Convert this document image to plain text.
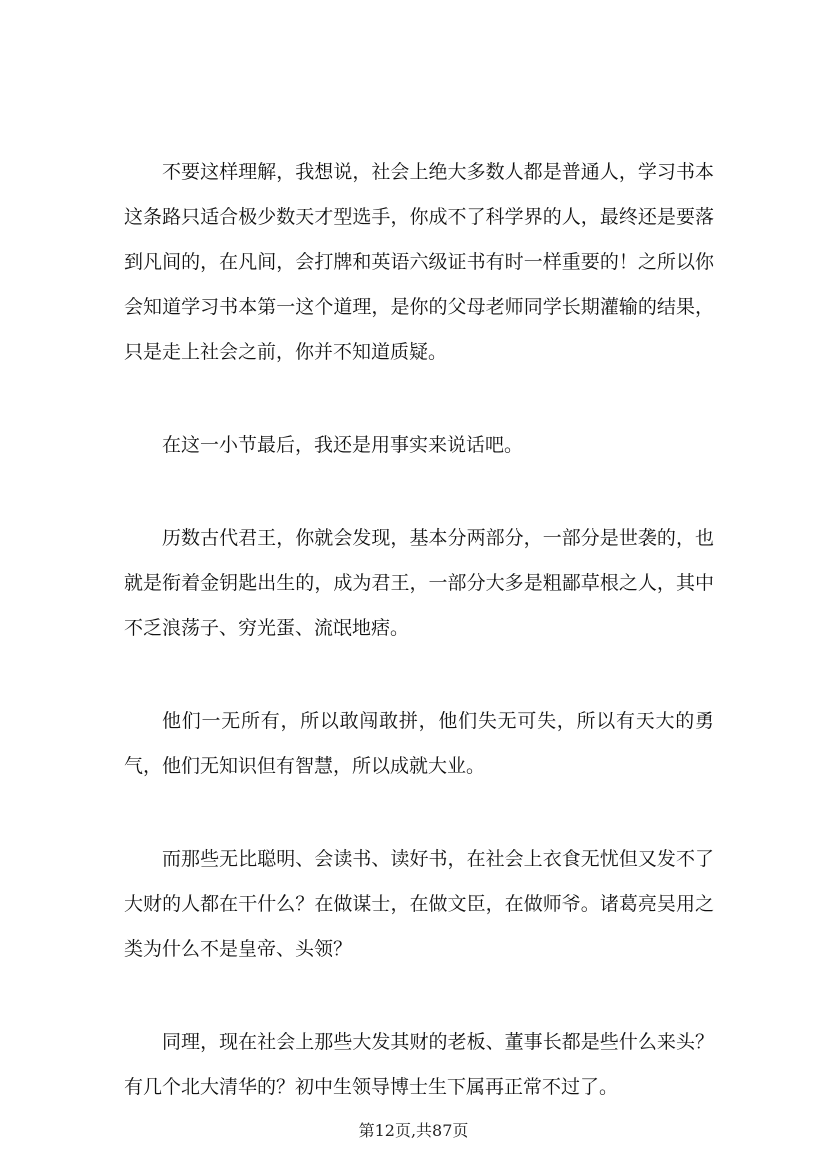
不要这样理解，我想说，社会上绝大多数人都是普通人，学习书本这条路只适合极少数天才型选手，你成不了科学界的人，最终还是要落到凡间的，在凡间，会打牌和英语六级证书有时一样重要的！之所以你会知道学习书本第一这个道理，是你的父母老师同学长期灌输的结果，只是走上社会之前，你并不知道质疑。

在这一小节最后，我还是用事实来说话吧。

历数古代君王，你就会发现，基本分两部分，一部分是世袭的，也就是衔着金钥匙出生的，成为君王，一部分大多是粗鄙草根之人，其中不乏浪荡子、穷光蛋、流氓地痞。

他们一无所有，所以敢闯敢拼，他们失无可失，所以有天大的勇气，他们无知识但有智慧，所以成就大业。

而那些无比聪明、会读书、读好书，在社会上衣食无忧但又发不了大财的人都在干什么？在做谋士，在做文臣，在做师爷。诸葛亮吴用之类为什么不是皇帝、头领？

同理，现在社会上那些大发其财的老板、董事长都是些什么来头？有几个北大清华的？初中生领导博士生下属再正常不过了。

第12页,共87页
